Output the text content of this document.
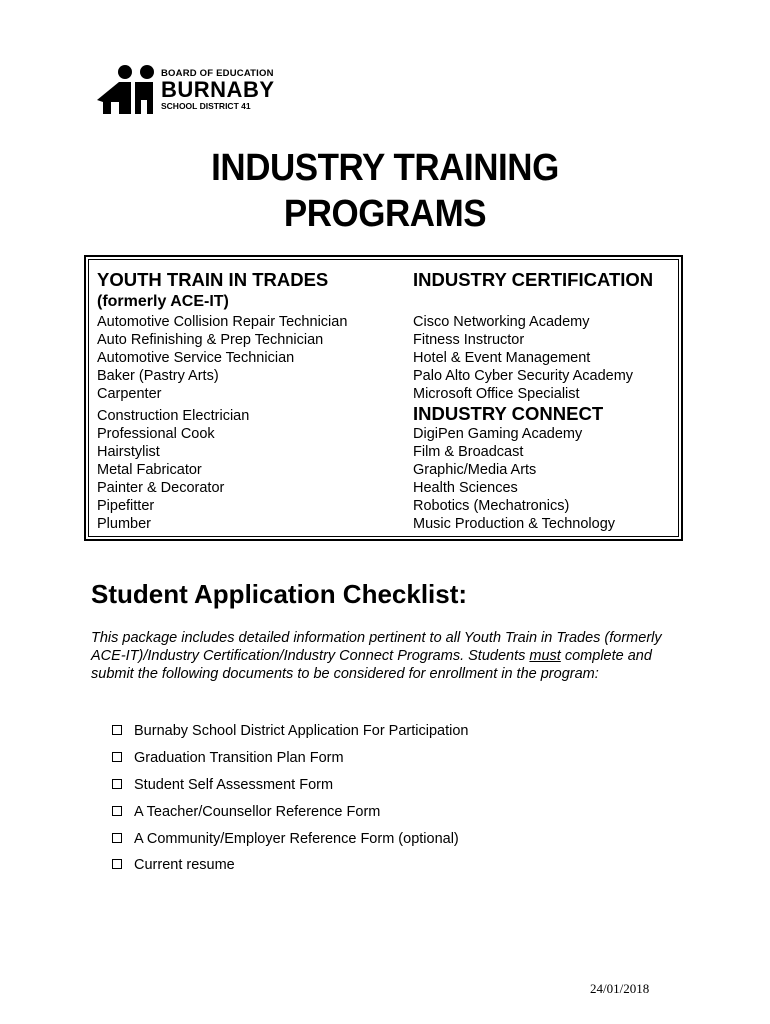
BOARD OF EDUCATION
BURNABY
SCHOOL DISTRICT 41
INDUSTRY TRAINING
PROGRAMS
YOUTH TRAIN IN TRADES
(formerly ACE-IT)
Automotive Collision Repair Technician
Auto Refinishing & Prep Technician
Automotive Service Technician
Baker (Pastry Arts)
Carpenter
Construction Electrician
Professional Cook
Hairstylist
Metal Fabricator
Painter & Decorator
Pipefitter
Plumber
INDUSTRY CERTIFICATION
Cisco Networking Academy
Fitness Instructor
Hotel & Event Management
Palo Alto Cyber Security Academy
Microsoft Office Specialist
INDUSTRY CONNECT
DigiPen Gaming Academy
Film & Broadcast
Graphic/Media Arts
Health Sciences
Robotics (Mechatronics)
Music Production & Technology
Student Application Checklist:
This package includes detailed information pertinent to all Youth Train in Trades (formerly ACE-IT)/Industry Certification/Industry Connect Programs. Students must complete and submit the following documents to be considered for enrollment in the program:
Burnaby School District Application For Participation
Graduation Transition Plan Form
Student Self Assessment Form
A Teacher/Counsellor Reference Form
A Community/Employer Reference Form (optional)
Current resume
24/01/2018
